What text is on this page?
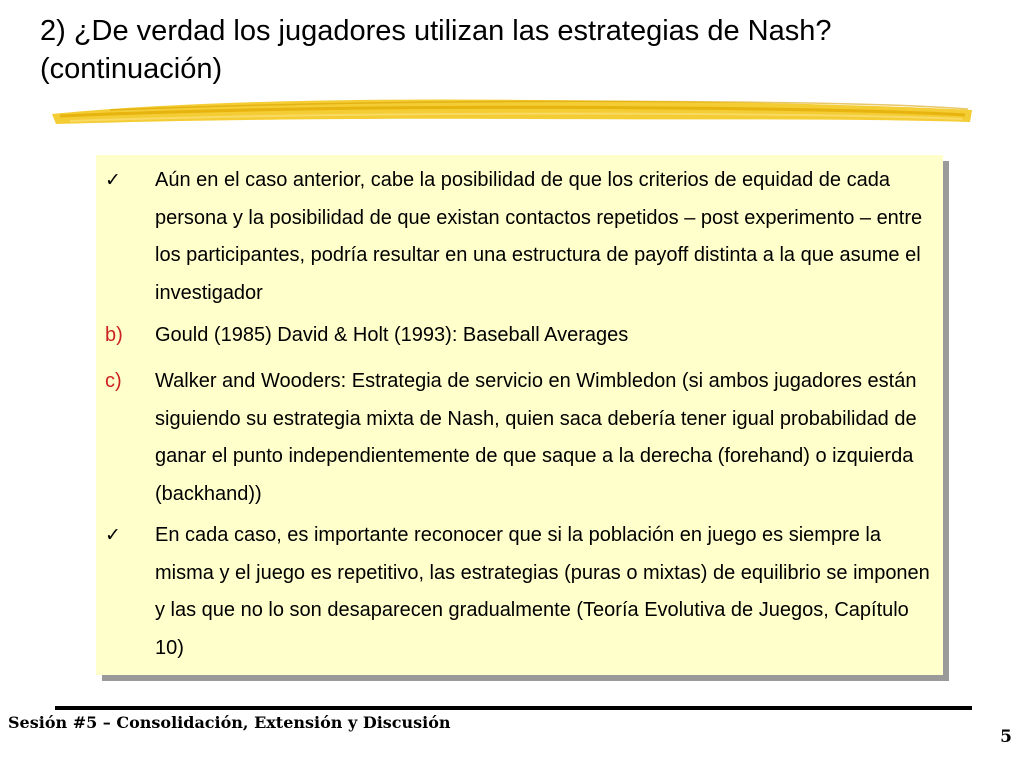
2) ¿De verdad los jugadores utilizan las estrategias de Nash?
(continuación)
✓ Aún en el caso anterior, cabe la posibilidad de que los criterios de equidad de cada persona y la posibilidad de que existan contactos repetidos – post experimento – entre los participantes, podría resultar en una estructura de payoff distinta a la que asume el investigador
b) Gould (1985) David & Holt (1993): Baseball Averages
c) Walker and Wooders: Estrategia de servicio en Wimbledon (si ambos jugadores están siguiendo su estrategia mixta de Nash, quien saca debería tener igual probabilidad de ganar el punto independientemente de que saque a la derecha (forehand) o izquierda (backhand))
✓ En cada caso, es importante reconocer que si la población en juego es siempre la misma y el juego es repetitivo, las estrategias (puras o mixtas) de equilibrio se imponen y las que no lo son desaparecen gradualmente (Teoría Evolutiva de Juegos, Capítulo 10)
Sesión #5 – Consolidación, Extensión y Discusión
5
